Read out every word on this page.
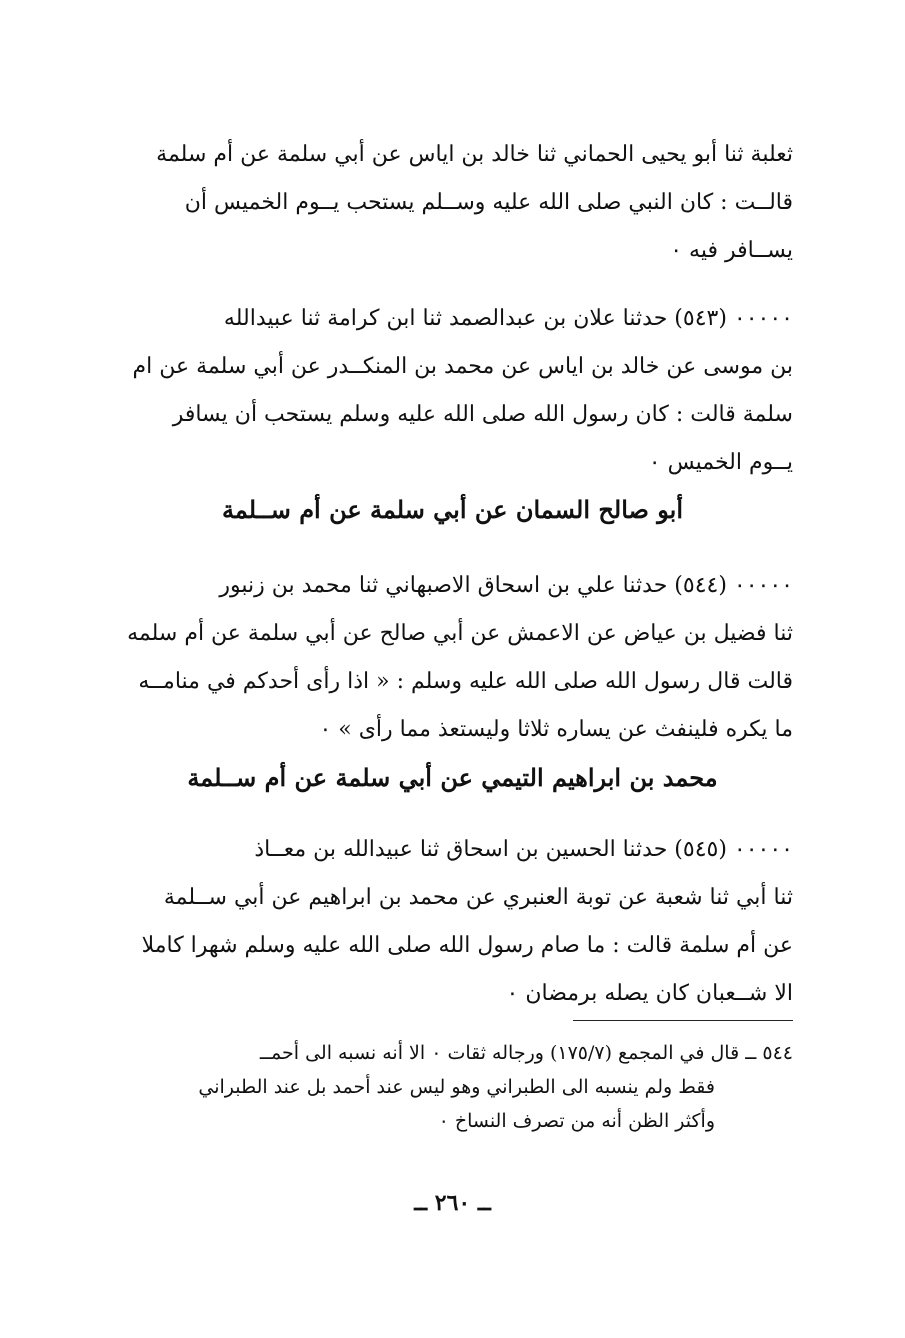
ثعلبة ثنا أبو يحيى الحماني ثنا خالد بن اياس عن أبي سلمة عن أم سلمة
قالــت : كان النبي صلى الله عليه وســلم يستحب يــوم الخميس أن
يســافر فيه ٠
٠٠٠٠٠ (٥٤٣) حدثنا علان بن عبدالصمد ثنا ابن كرامة ثنا عبيدالله
بن موسى عن خالد بن اياس عن محمد بن المنكــدر عن أبي سلمة عن ام
سلمة قالت : كان رسول الله صلى الله عليه وسلم يستحب أن يسافر
يــوم الخميس ٠
أبو صالح السمان عن أبي سلمة عن أم ســلمة
٠٠٠٠٠ (٥٤٤) حدثنا علي بن اسحاق الاصبهاني ثنا محمد بن زنبور
ثنا فضيل بن عياض عن الاعمش عن أبي صالح عن أبي سلمة عن أم سلمه
قالت قال رسول الله صلى الله عليه وسلم : « اذا رأى أحدكم في منامــه
ما يكره فلينفث عن يساره ثلاثا وليستعذ مما رأى » ٠
محمد بن ابراهيم التيمي عن أبي سلمة عن أم ســلمة
٠٠٠٠٠ (٥٤٥) حدثنا الحسين بن اسحاق ثنا عبيدالله بن معــاذ
ثنا أبي ثنا شعبة عن توبة العنبري عن محمد بن ابراهيم عن أبي ســلمة
عن أم سلمة قالت : ما صام رسول الله صلى الله عليه وسلم شهرا كاملا
الا شــعبان كان يصله برمضان ٠
٥٤٤ ــ قال في المجمع (١٧٥/٧) ورجاله ثقات ٠ الا أنه نسبه الى أحمــ
فقط ولم ينسبه الى الطبراني وهو ليس عند أحمد بل عند الطبراني
وأكثر الظن أنه من تصرف النساخ ٠
ــ ٢٦٠ ــ
